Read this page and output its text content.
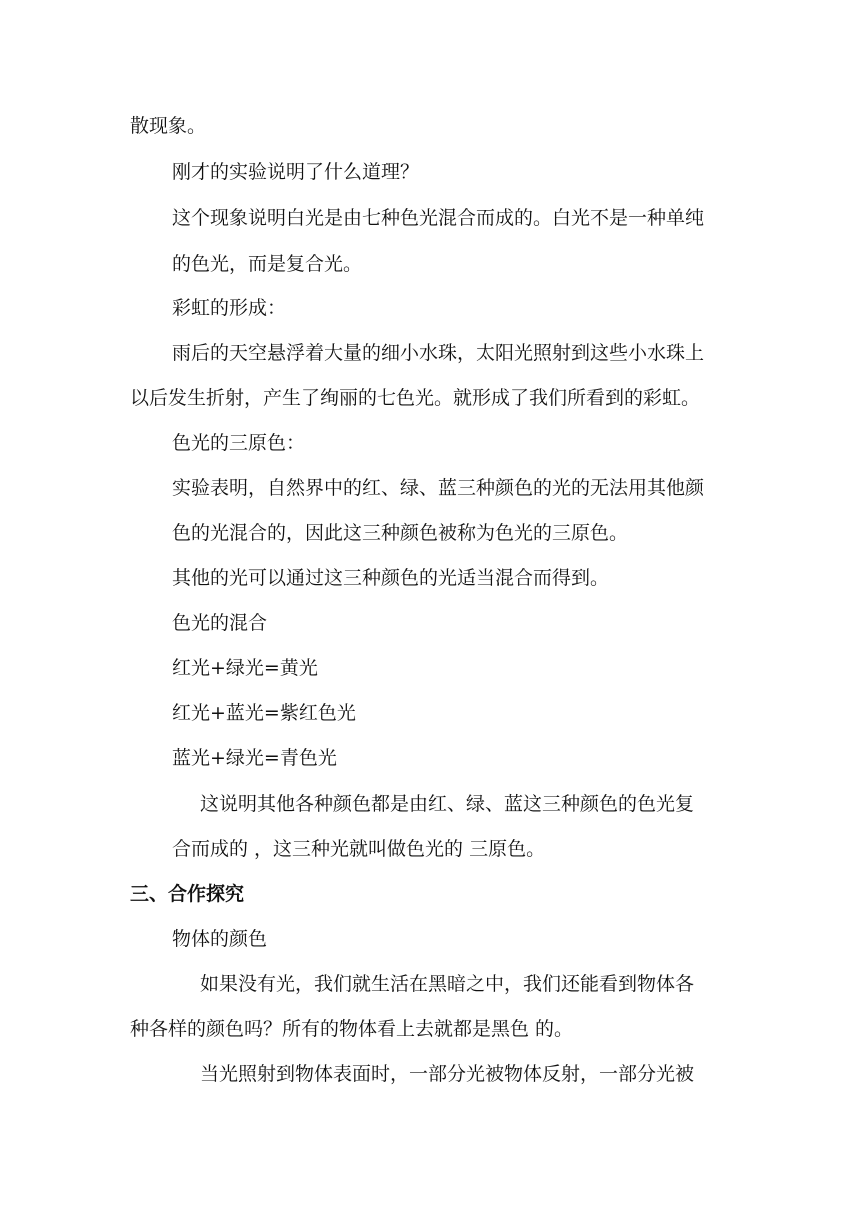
散现象。
刚才的实验说明了什么道理？
这个现象说明白光是由七种色光混合而成的。白光不是一种单纯
的色光，而是复合光。
彩虹的形成：
雨后的天空悬浮着大量的细小水珠，太阳光照射到这些小水珠上
以后发生折射，产生了绚丽的七色光。就形成了我们所看到的彩虹。
色光的三原色：
实验表明，自然界中的红、绿、蓝三种颜色的光的无法用其他颜
色的光混合的，因此这三种颜色被称为色光的三原色。
其他的光可以通过这三种颜色的光适当混合而得到。
色光的混合
红光+绿光=黄光
红光+蓝光=紫红色光
蓝光+绿光=青色光
这说明其他各种颜色都是由红、绿、蓝这三种颜色的色光复
合而成的 ，这三种光就叫做色光的 三原色。
三、合作探究
物体的颜色
如果没有光，我们就生活在黑暗之中，我们还能看到物体各
种各样的颜色吗？所有的物体看上去就都是黑色 的。
当光照射到物体表面时，一部分光被物体反射，一部分光被
